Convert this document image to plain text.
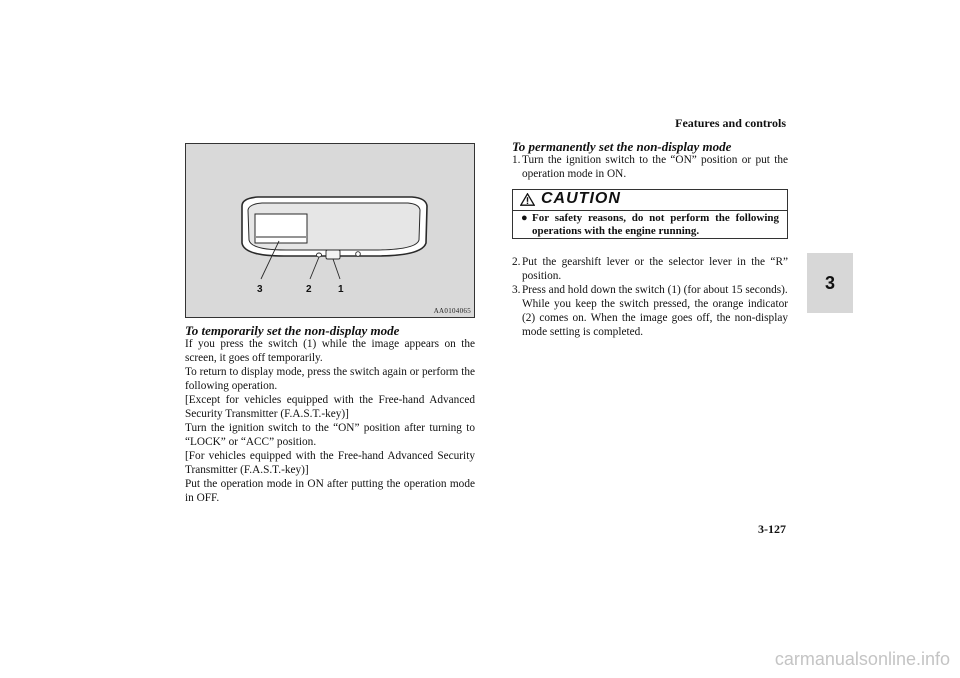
Features and controls
3
3	2	1
AA0104065
To temporarily set the non-display mode

If you press the switch (1) while the image appears on the screen, it goes off temporarily.

To return to display mode, press the switch again or perform the following operation.

[Except for vehicles equipped with the Free-hand Advanced Security Transmitter (F.A.S.T.-key)]

Turn the ignition switch to the “ON” position after turning to “LOCK” or “ACC” position.

[For vehicles equipped with the Free-hand Advanced Security Transmitter (F.A.S.T.-key)]

Put the operation mode in ON after putting the operation mode in OFF.

To permanently set the non-display mode
1. Turn the ignition switch to the “ON” position or put the operation mode in ON.
CAUTION
● For safety reasons, do not perform the following operations with the engine running.
2. Put the gearshift lever or the selector lever in the “R” position.
3. Press and hold down the switch (1) (for about 15 seconds).

While you keep the switch pressed, the orange indicator (2) comes on. When the image goes off, the non-display mode setting is completed.

3-127
carmanualsonline.info
